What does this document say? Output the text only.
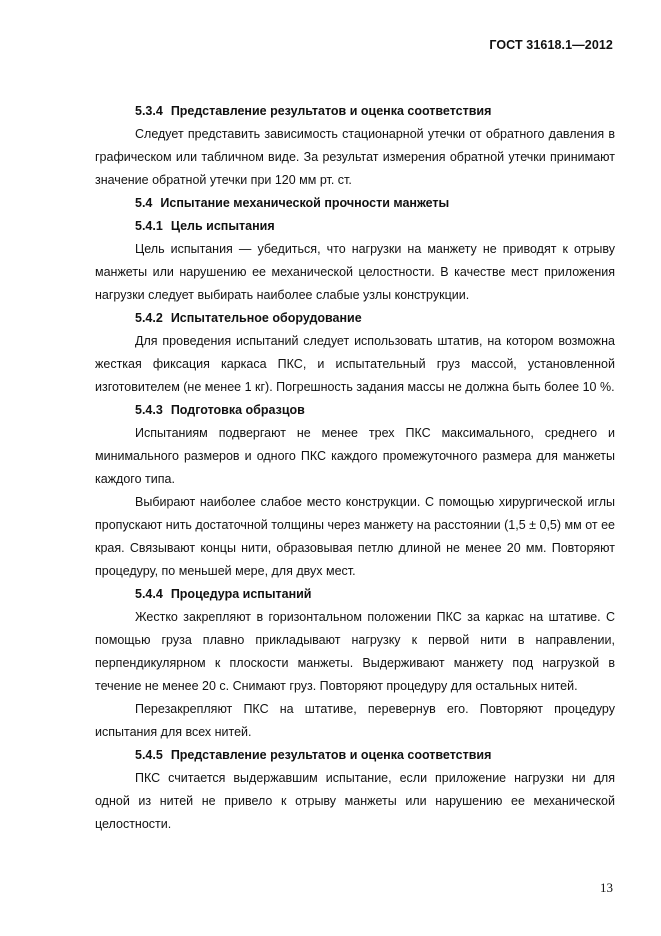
ГОСТ 31618.1—2012
5.3.4 Представление результатов и оценка соответствия

Следует представить зависимость стационарной утечки от обратного давления в графическом или табличном виде. За результат измерения обратной утечки принимают значение обратной утечки при 120 мм рт. ст.

5.4 Испытание механической прочности манжеты
5.4.1 Цель испытания

Цель испытания — убедиться, что нагрузки на манжету не приводят к отрыву манжеты или нарушению ее механической целостности. В качестве мест приложения нагрузки следует выбирать наиболее слабые узлы конструкции.

5.4.2 Испытательное оборудование

Для проведения испытаний следует использовать штатив, на котором возможна жесткая фиксация каркаса ПКС, и испытательный груз массой, установленной изготовителем (не менее 1 кг). Погрешность задания массы не должна быть более 10 %.

5.4.3 Подготовка образцов

Испытаниям подвергают не менее трех ПКС максимального, среднего и минимального размеров и одного ПКС каждого промежуточного размера для манжеты каждого типа.

Выбирают наиболее слабое место конструкции. С помощью хирургической иглы пропускают нить достаточной толщины через манжету на расстоянии (1,5 ± 0,5) мм от ее края. Связывают концы нити, образовывая петлю длиной не менее 20 мм. Повторяют процедуру, по меньшей мере, для двух мест.

5.4.4 Процедура испытаний

Жестко закрепляют в горизонтальном положении ПКС за каркас на штативе. С помощью груза плавно прикладывают нагрузку к первой нити в направлении, перпендикулярном к плоскости манжеты. Выдерживают манжету под нагрузкой в течение не менее 20 с. Снимают груз. Повторяют процедуру для остальных нитей.

Перезакрепляют ПКС на штативе, перевернув его. Повторяют процедуру испытания для всех нитей.

5.4.5 Представление результатов и оценка соответствия

ПКС считается выдержавшим испытание, если приложение нагрузки ни для одной из нитей не привело к отрыву манжеты или нарушению ее механической целостности.

13
